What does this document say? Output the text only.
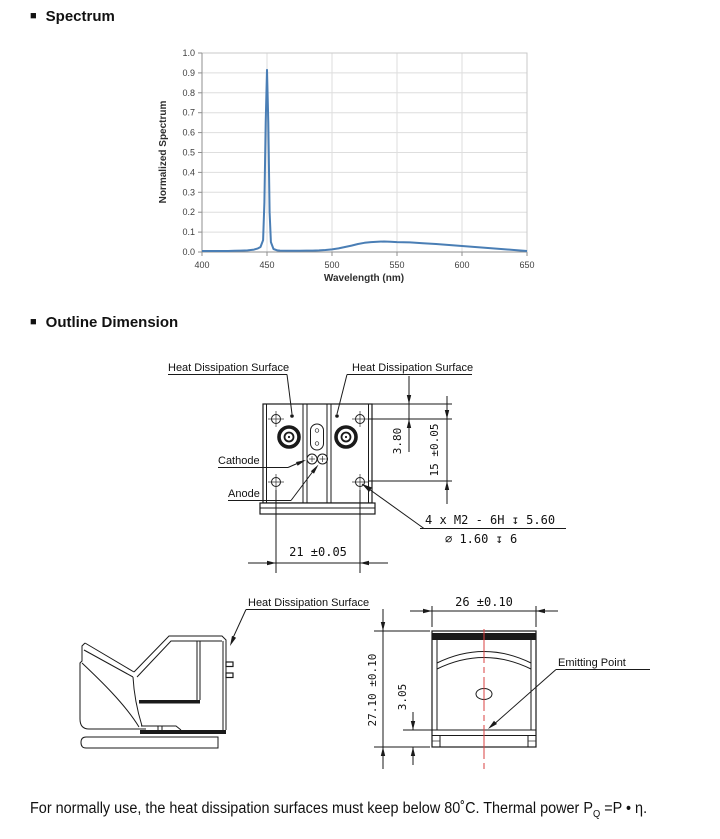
■ Spectrum
0.0
0.1
0.2
0.3
0.4
0.5
0.6
0.7
0.8
0.9
1.0
400	450	500	550	600	650
Normalized Spectrum
Wavelength (nm)
■ Outline Dimension
Heat Dissipation Surface	Heat Dissipation Surface
Cathode
Anode
3.80 15 ±0.05
21 ±0.05
4 x M2 - 6H ↧ 5.60
∅ 1.60 ↧ 6
Heat Dissipation Surface
Emitting Point
26 ±0.10
27.10 ±0.10 3.05
For normally use, the heat dissipation surfaces must keep below 80˚C. Thermal power $P_Q =P$ • η.
